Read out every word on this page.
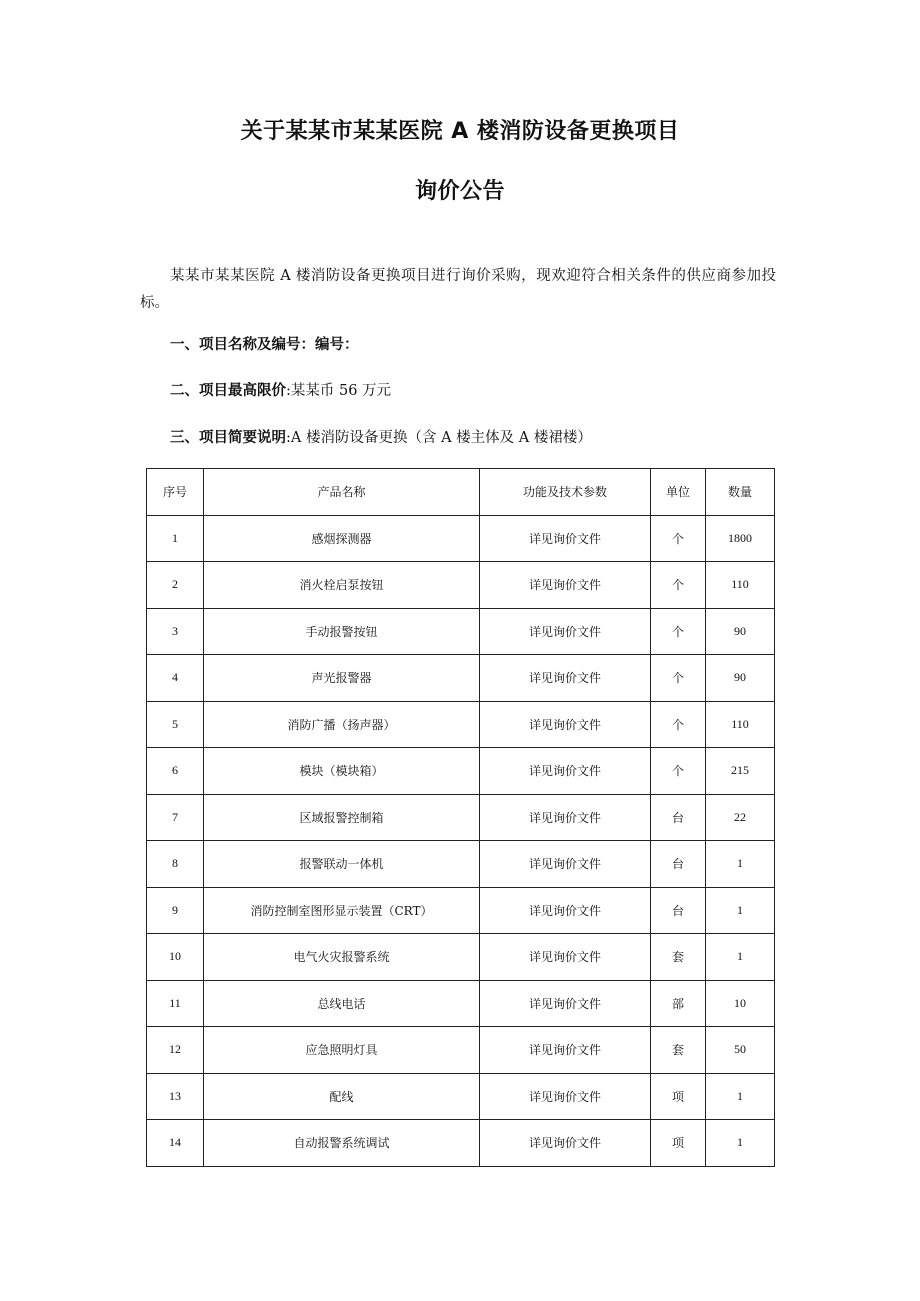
关于某某市某某医院 A 楼消防设备更换项目
询价公告

某某市某某医院 A 楼消防设备更换项目进行询价采购，现欢迎符合相关条件的供应商参加投标。

一、项目名称及编号：编号：
二、项目最高限价:某某币 56 万元
三、项目简要说明:A 楼消防设备更换（含 A 楼主体及 A 楼裙楼）
序号	产品名称	功能及技术参数	单位	数量
1	感烟探测器	详见询价文件	个	1800
2	消火栓启泵按钮	详见询价文件	个	110
3	手动报警按钮	详见询价文件	个	90
4	声光报警器	详见询价文件	个	90
5	消防广播（扬声器）	详见询价文件	个	110
6	模块（模块箱）	详见询价文件	个	215
7	区域报警控制箱	详见询价文件	台	22
8	报警联动一体机	详见询价文件	台	1
9	消防控制室图形显示装置（CRT）	详见询价文件	台	1
10	电气火灾报警系统	详见询价文件	套	1
11	总线电话	详见询价文件	部	10
12	应急照明灯具	详见询价文件	套	50
13	配线	详见询价文件	项	1
14	自动报警系统调试	详见询价文件	项	1
